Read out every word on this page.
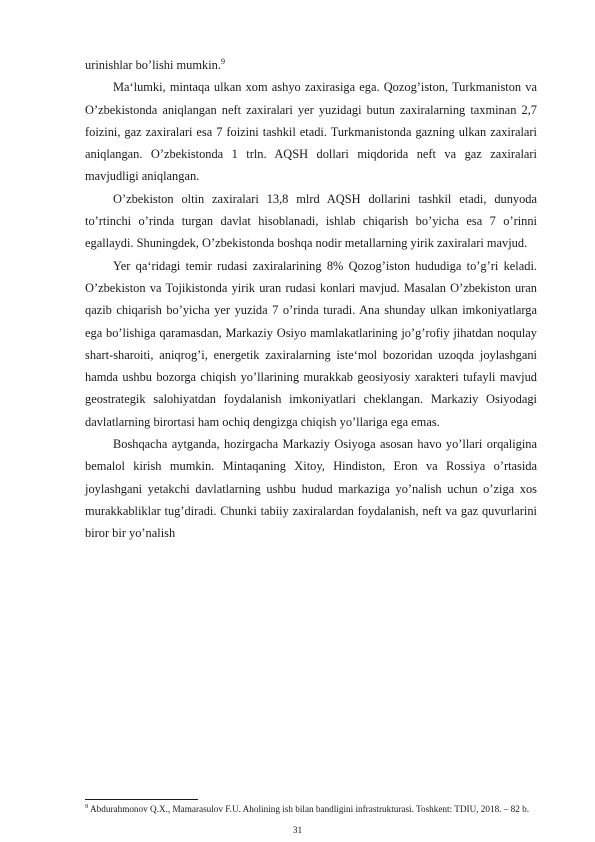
urinishlar bo’lishi mumkin.$^9$

Ma‘lumki, mintaqa ulkan xom ashyo zaxirasiga ega. Qozog’iston, Turkmaniston va O’zbekistonda aniqlangan neft zaxiralari yer yuzidagi butun zaxiralarning taxminan 2,7 foizini, gaz zaxiralari esa 7 foizini tashkil etadi. Turkmanistonda gazning ulkan zaxiralari aniqlangan. O’zbekistonda 1 trln. AQSH dollari miqdorida neft va gaz zaxiralari mavjudligi aniqlangan.

O’zbekiston oltin zaxiralari 13,8 mlrd AQSH dollarini tashkil etadi, dunyoda to’rtinchi o’rinda turgan davlat hisoblanadi, ishlab chiqarish bo’yicha esa 7 o’rinni egallaydi. Shuningdek, O’zbekistonda boshqa nodir metallarning yirik zaxiralari mavjud.

Yer qa‘ridagi temir rudasi zaxiralarining 8% Qozog’iston hududiga to’g’ri keladi. O’zbekiston va Tojikistonda yirik uran rudasi konlari mavjud. Masalan O’zbekiston uran qazib chiqarish bo’yicha yer yuzida 7 o’rinda turadi. Ana shunday ulkan imkoniyatlarga ega bo’lishiga qaramasdan, Markaziy Osiyo mamlakatlarining jo’g’rofiy jihatdan noqulay shart-sharoiti, aniqrog’i, energetik zaxiralarning iste‘mol bozoridan uzoqda joylashgani hamda ushbu bozorga chiqish yo’llarining murakkab geosiyosiy xarakteri tufayli mavjud geostrategik salohiyatdan foydalanish imkoniyatlari cheklangan. Markaziy Osiyodagi davlatlarning birortasi ham ochiq dengizga chiqish yo’llariga ega emas.

Boshqacha aytganda, hozirgacha Markaziy Osiyoga asosan havo yo’llari orqaligina bemalol kirish mumkin. Mintaqaning Xitoy, Hindiston, Eron va Rossiya o’rtasida joylashgani yetakchi davlatlarning ushbu hudud markaziga yo’nalish uchun o’ziga xos murakkabliklar tug’diradi. Chunki tabiiy zaxiralardan foydalanish, neft va gaz quvurlarini biror bir yo’nalish

$^9$ Abdurahmonov Q.X., Mamarasulov F.U. Aholining ish bilan bandligini infrastrukturasi. Toshkent: TDIU, 2018. – 82 b.

31
